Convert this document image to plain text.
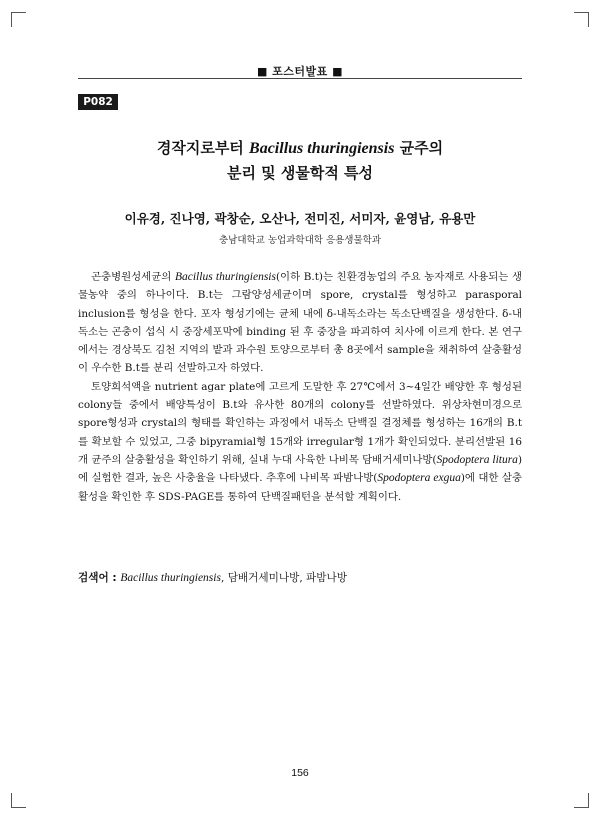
■ 포스터발표 ■
P082
경작지로부터 Bacillus thuringiensis 균주의
분리 및 생물학적 특성
이유경, 진나영, 곽창순, 오산나, 전미진, 서미자, 윤영남, 유용만
충남대학교 농업과학대학 응용생물학과

곤충병원성세균의 Bacillus thuringiensis(이하 B.t)는 친환경농업의 주요 농자재로 사용되는 생물농약 중의 하나이다. B.t는 그람양성세균이며 spore, crystal를 형성하고 parasporal inclusion를 형성을 한다. 포자 형성기에는 균체 내에 δ-내독소라는 독소단백질을 생성한다. δ-내독소는 곤충이 섭식 시 중장세포막에 binding 된 후 중장을 파괴하여 치사에 이르게 한다. 본 연구에서는 경상북도 김천 지역의 밭과 과수원 토양으로부터 총 8곳에서 sample을 채취하여 살충활성이 우수한 B.t를 분리 선발하고자 하였다.

토양희석액을 nutrient agar plate에 고르게 도말한 후 27℃에서 3~4일간 배양한 후 형성된 colony들 중에서 배양특성이 B.t와 유사한 80개의 colony를 선발하였다. 위상차현미경으로 spore형성과 crystal의 형태를 확인하는 과정에서 내독소 단백질 결정체를 형성하는 16개의 B.t를 확보할 수 있었고, 그중 bipyramial형 15개와 irregular형 1개가 확인되었다. 분리선발된 16개 균주의 살충활성을 확인하기 위해, 실내 누대 사육한 나비목 담배거세미나방(Spodoptera litura)에 실험한 결과, 높은 사충율을 나타냈다. 추후에 나비목 파밤나방(Spodoptera exgua)에 대한 살충활성을 확인한 후 SDS-PAGE를 통하여 단백질패턴을 분석할 계획이다.

검색어 : Bacillus thuringiensis, 담배거세미나방, 파밤나방
156
